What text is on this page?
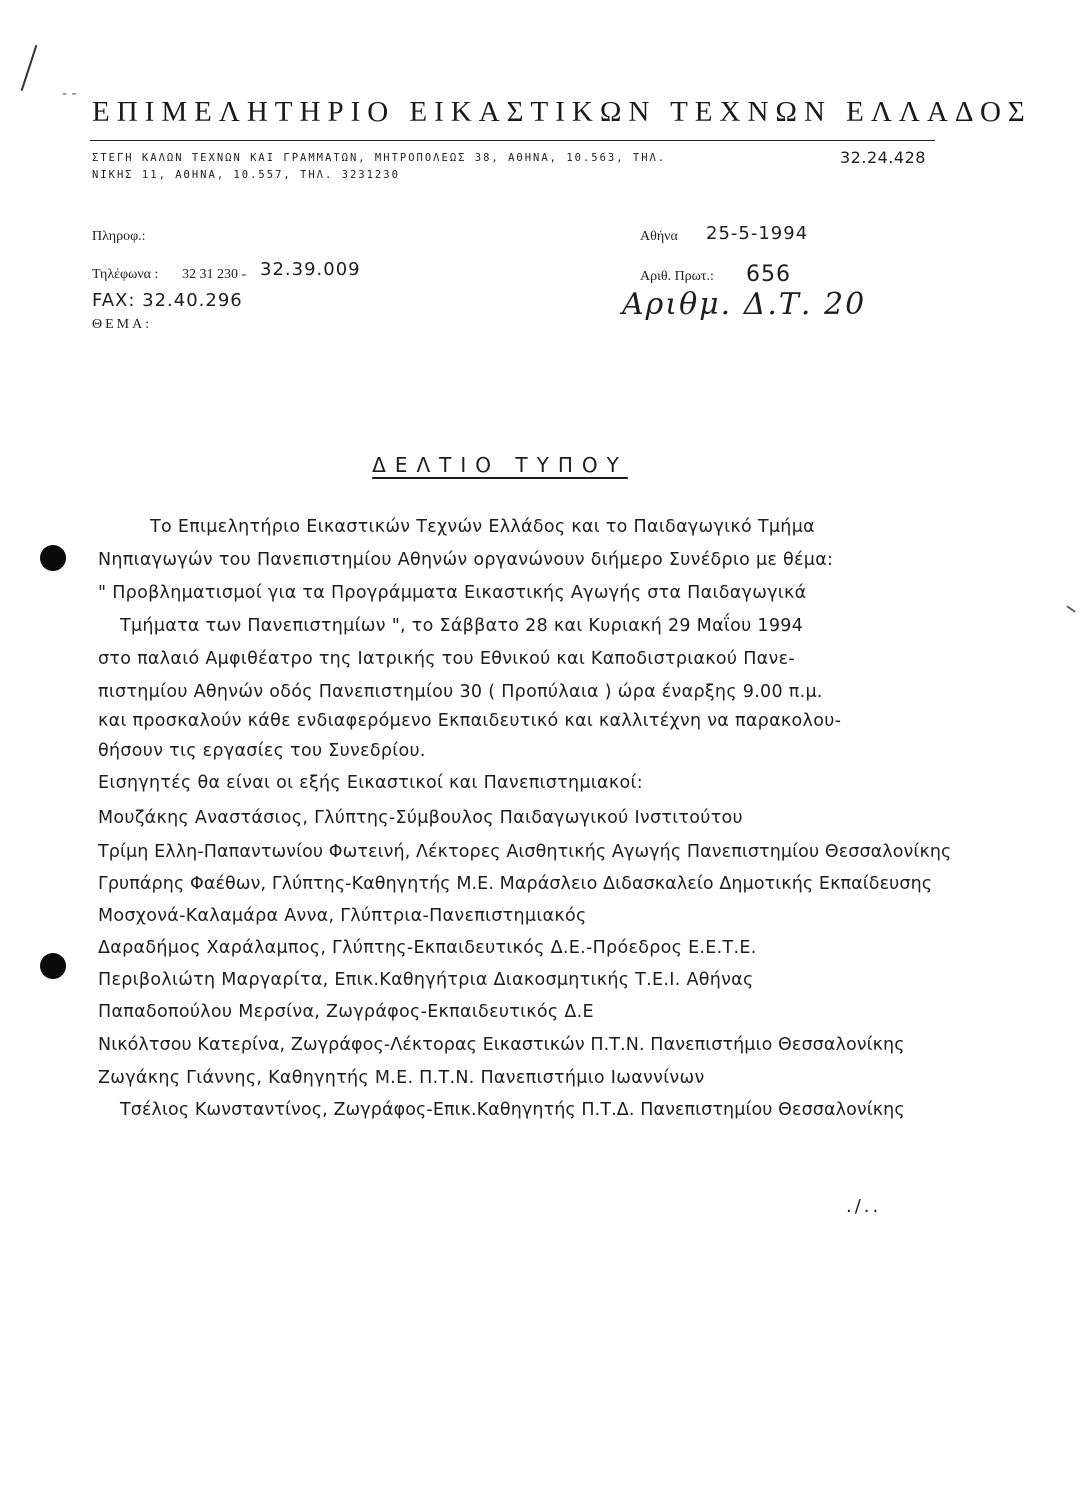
- -
ΕΠΙΜΕΛΗΤΗΡΙΟ ΕΙΚΑΣΤΙΚΩΝ ΤΕΧΝΩΝ ΕΛΛΑΔΟΣ
ΣΤΕΓΗ ΚΑΛΩΝ ΤΕΧΝΩΝ ΚΑΙ ΓΡΑΜΜΑΤΩΝ, ΜΗΤΡΟΠΟΛΕΩΣ 38, ΑΘΗΝΑ, 10.563, ΤΗΛ.	32.24.428
ΝΙΚΗΣ 11, ΑΘΗΝΑ, 10.557, ΤΗΛ. 3231230
Πληροφ.:
Τηλέφωνα : 32 31 230 - 32.39.009
FAX: 32.40.296
ΘΕΜΑ:
Αθήνα 25-5-1994
Αριθ. Πρωτ.: 656
Αριθμ. Δ.Τ. 20
ΔΕΛΤΙΟ ΤΥΠΟΥ
Το Επιμελητήριο Εικαστικών Τεχνών Ελλάδος και το Παιδαγωγικό Τμήμα
Νηπιαγωγών του Πανεπιστημίου Αθηνών οργανώνουν διήμερο Συνέδριο με θέμα:
" Προβληματισμοί για τα Προγράμματα Εικαστικής Αγωγής στα Παιδαγωγικά
Τμήματα των Πανεπιστημίων ", το Σάββατο 28 και Κυριακή 29 Μαΐου 1994
στο παλαιό Αμφιθέατρο της Ιατρικής του Εθνικού και Καποδιστριακού Πανε-
πιστημίου Αθηνών οδός Πανεπιστημίου 30 ( Προπύλαια ) ώρα έναρξης 9.00 π.μ.
και προσκαλούν κάθε ενδιαφερόμενο Εκπαιδευτικό και καλλιτέχνη να παρακολου-
θήσουν τις εργασίες του Συνεδρίου.
Εισηγητές θα είναι οι εξής Εικαστικοί και Πανεπιστημιακοί:
Μουζάκης Αναστάσιος, Γλύπτης-Σύμβουλος Παιδαγωγικού Ινστιτούτου
Τρίμη Ελλη-Παπαντωνίου Φωτεινή, Λέκτορες Αισθητικής Αγωγής Πανεπιστημίου Θεσσαλονίκης
Γρυπάρης Φαέθων, Γλύπτης-Καθηγητής Μ.Ε. Μαράσλειο Διδασκαλείο Δημοτικής Εκπαίδευσης
Μοσχονά-Καλαμάρα Αννα, Γλύπτρια-Πανεπιστημιακός
Δαραδήμος Χαράλαμπος, Γλύπτης-Εκπαιδευτικός Δ.Ε.-Πρόεδρος Ε.Ε.Τ.Ε.
Περιβολιώτη Μαργαρίτα, Επικ.Καθηγήτρια Διακοσμητικής Τ.Ε.Ι. Αθήνας
Παπαδοπούλου Μερσίνα, Ζωγράφος-Εκπαιδευτικός Δ.Ε
Νικόλτσου Κατερίνα, Ζωγράφος-Λέκτορας Εικαστικών Π.Τ.Ν. Πανεπιστήμιο Θεσσαλονίκης
Ζωγάκης Γιάννης, Καθηγητής Μ.Ε. Π.Τ.Ν. Πανεπιστήμιο Ιωαννίνων
Τσέλιος Κωνσταντίνος, Ζωγράφος-Επικ.Καθηγητής Π.Τ.Δ. Πανεπιστημίου Θεσσαλονίκης
./..
